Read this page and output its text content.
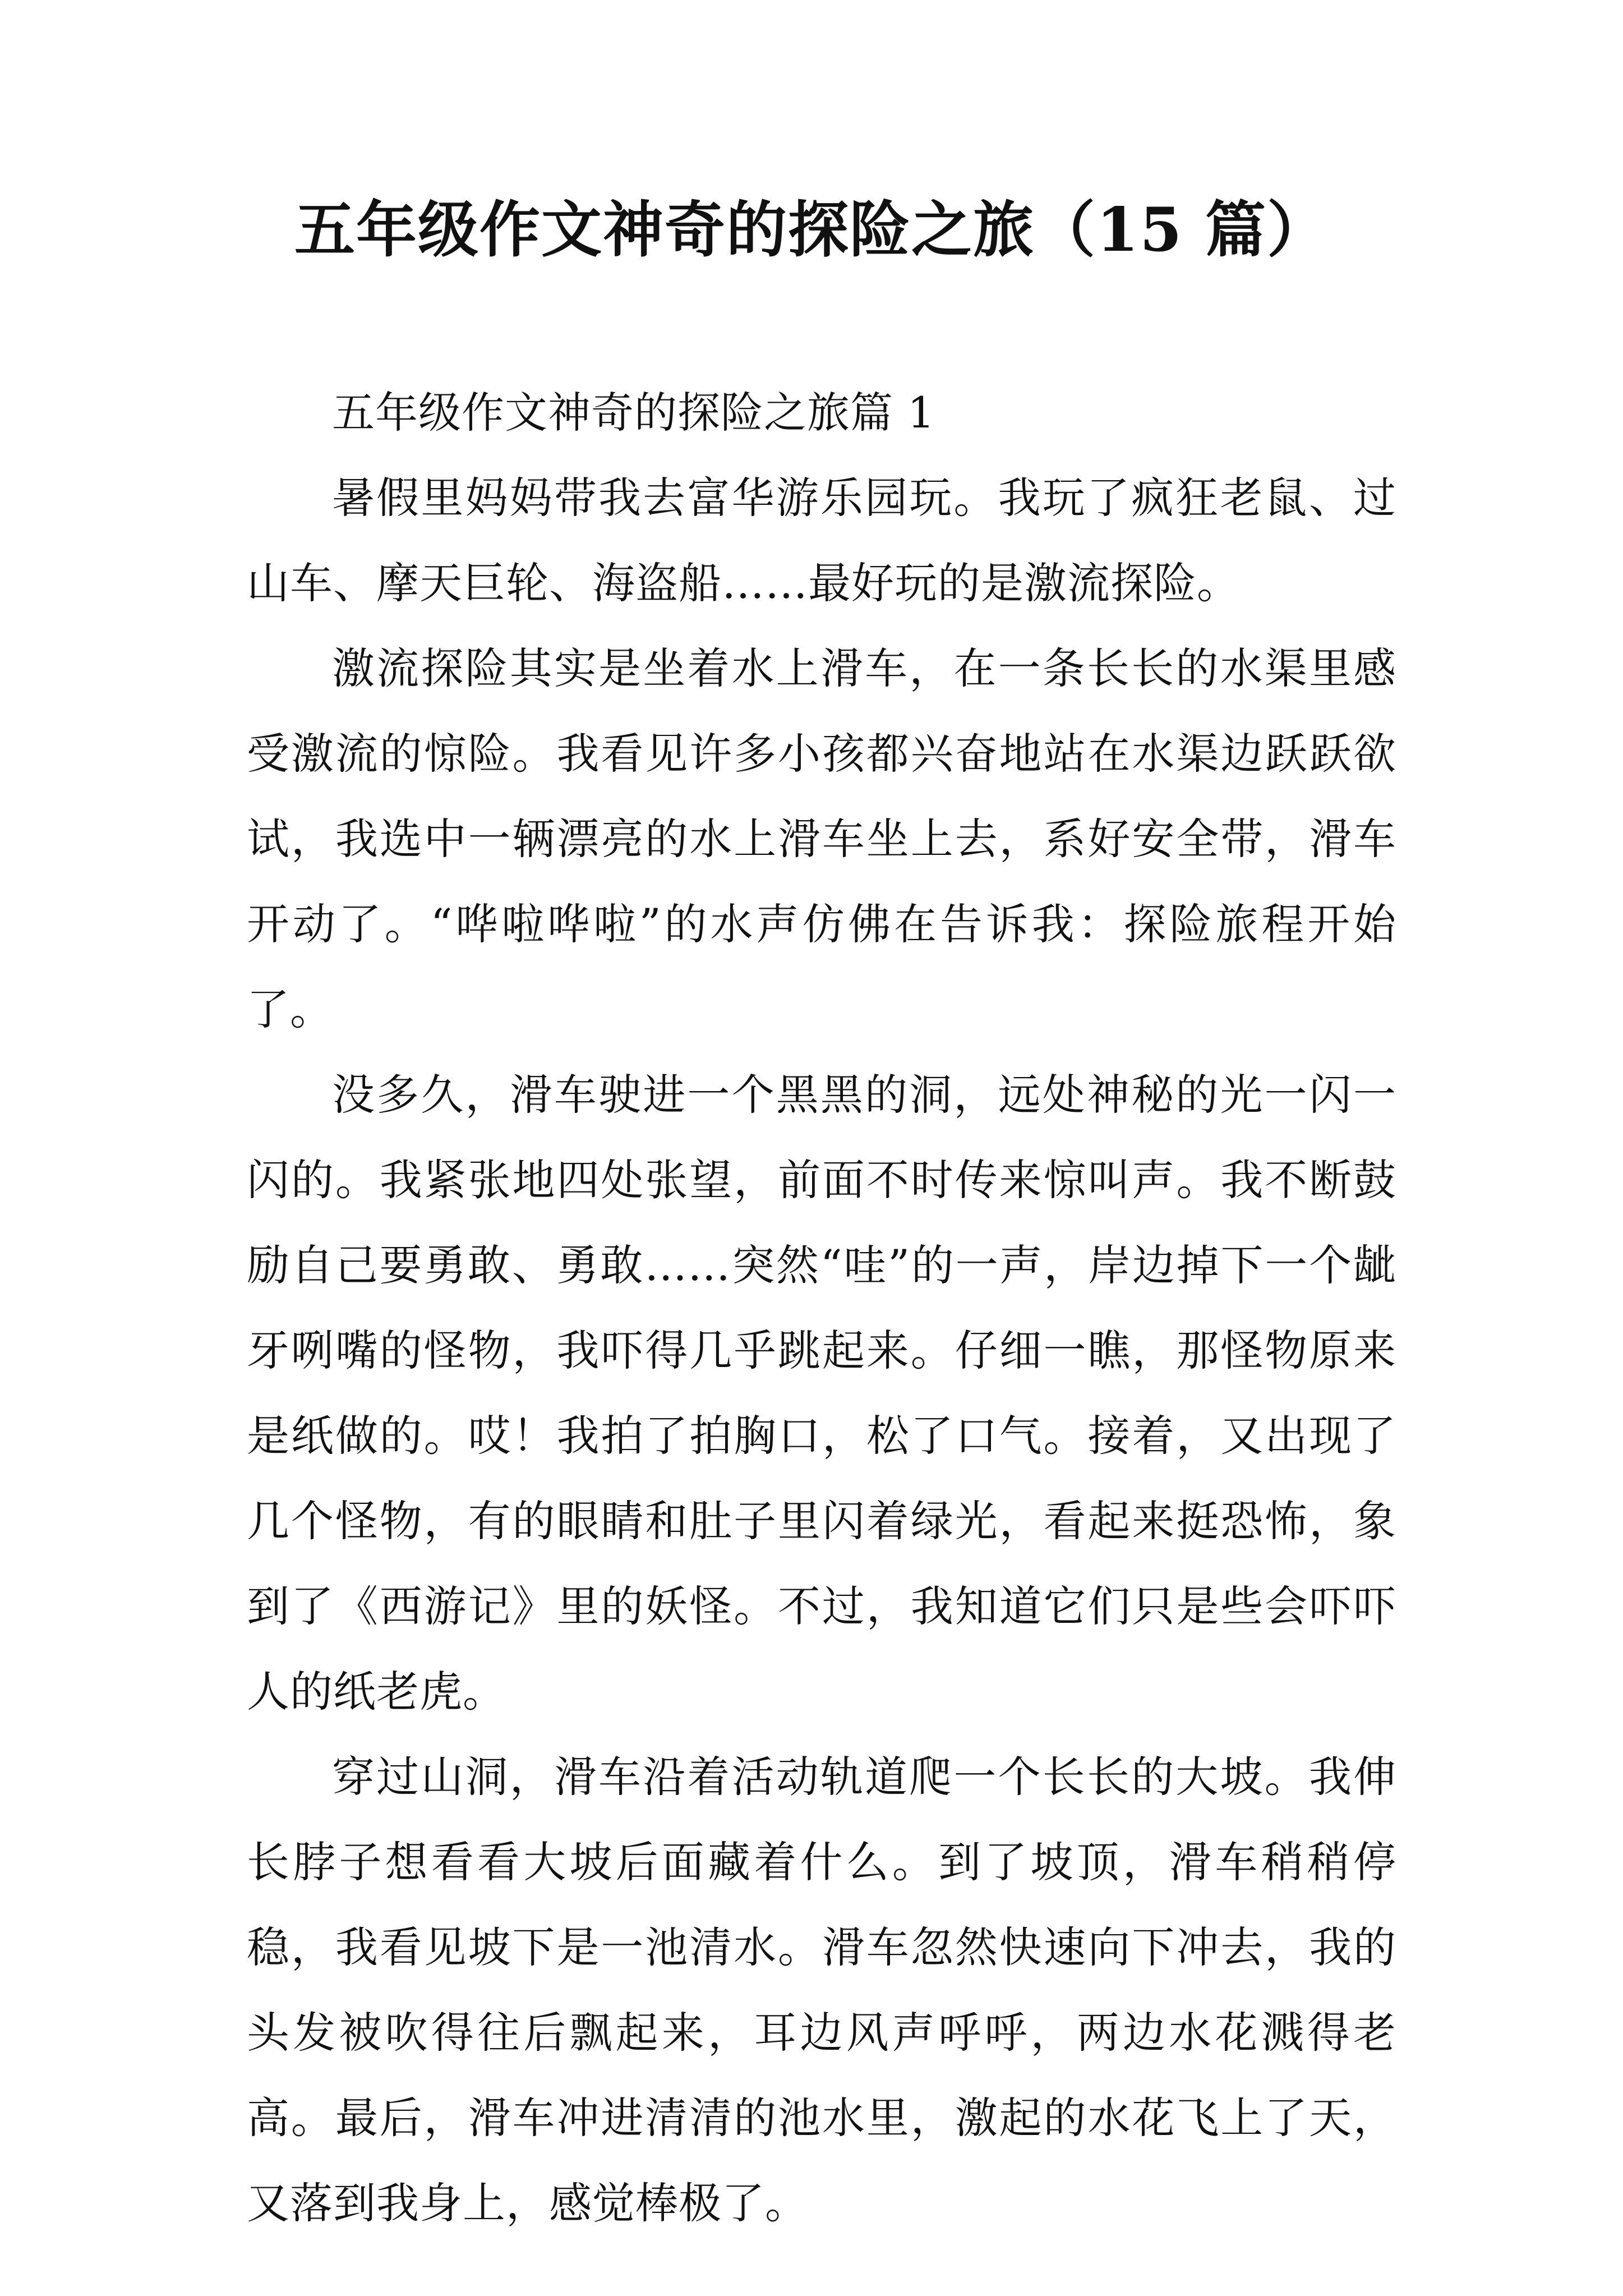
五年级作文神奇的探险之旅（15 篇）

五年级作文神奇的探险之旅篇 1

暑假里妈妈带我去富华游乐园玩。我玩了疯狂老鼠、过山车、摩天巨轮、海盗船……最好玩的是激流探险。

激流探险其实是坐着水上滑车，在一条长长的水渠里感受激流的惊险。我看见许多小孩都兴奋地站在水渠边跃跃欲试，我选中一辆漂亮的水上滑车坐上去，系好安全带，滑车开动了。“哗啦哗啦”的水声仿佛在告诉我：探险旅程开始了。

没多久，滑车驶进一个黑黑的洞，远处神秘的光一闪一闪的。我紧张地四处张望，前面不时传来惊叫声。我不断鼓励自己要勇敢、勇敢……突然“哇”的一声，岸边掉下一个龇牙咧嘴的怪物，我吓得几乎跳起来。仔细一瞧，那怪物原来是纸做的。哎！我拍了拍胸口，松了口气。接着，又出现了几个怪物，有的眼睛和肚子里闪着绿光，看起来挺恐怖，象到了《西游记》里的妖怪。不过，我知道它们只是些会吓吓人的纸老虎。

穿过山洞，滑车沿着活动轨道爬一个长长的大坡。我伸长脖子想看看大坡后面藏着什么。到了坡顶，滑车稍稍停稳，我看见坡下是一池清水。滑车忽然快速向下冲去，我的头发被吹得往后飘起来，耳边风声呼呼，两边水花溅得老高。最后，滑车冲进清清的池水里，激起的水花飞上了天，又落到我身上，感觉棒极了。
